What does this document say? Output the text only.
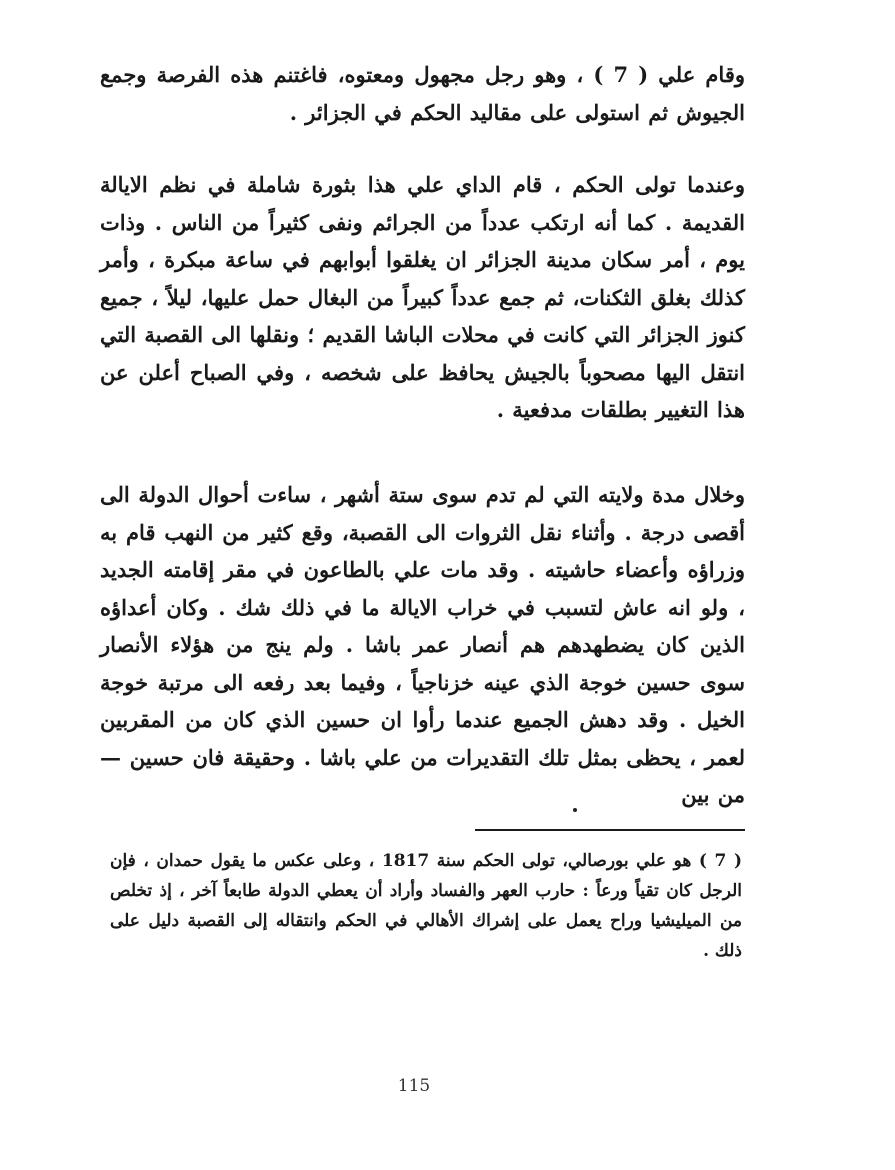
وقام علي ( 7 ) ، وهو رجل مجهول ومعتوه، فاغتنم هذه الفرصة وجمع الجيوش ثم استولى على مقاليد الحكم في الجزائر .

وعندما تولى الحكم ، قام الداي علي هذا بثورة شاملة في نظم الايالة القديمة . كما أنه ارتكب عدداً من الجرائم ونفى كثيراً من الناس . وذات يوم ، أمر سكان مدينة الجزائر ان يغلقوا أبوابهم في ساعة مبكرة ، وأمر كذلك بغلق الثكنات، ثم جمع عدداً كبيراً من البغال حمل عليها، ليلاً ، جميع كنوز الجزائر التي كانت في محلات الباشا القديم ؛ ونقلها الى القصبة التي انتقل اليها مصحوباً بالجيش يحافظ على شخصه ، وفي الصباح أعلن عن هذا التغيير بطلقات مدفعية .

وخلال مدة ولايته التي لم تدم سوى ستة أشهر ، ساءت أحوال الدولة الى أقصى درجة . وأثناء نقل الثروات الى القصبة، وقع كثير من النهب قام به وزراؤه وأعضاء حاشيته . وقد مات علي بالطاعون في مقر إقامته الجديد ، ولو انه عاش لتسبب في خراب الايالة ما في ذلك شك . وكان أعداؤه الذين كان يضطهدهم هم أنصار عمر باشا . ولم ينج من هؤلاء الأنصار سوى حسين خوجة الذي عينه خزناجياً ، وفيما بعد رفعه الى مرتبة خوجة الخيل . وقد دهش الجميع عندما رأوا ان حسين الذي كان من المقربين لعمر ، يحظى بمثل تلك التقديرات من علي باشا . وحقيقة فان حسين — من بين

( 7 ) هو علي بورصالي، تولى الحكم سنة 1817 ، وعلى عكس ما يقول حمدان ، فإن الرجل كان تقياً ورعاً : حارب العهر والفساد وأراد أن يعطي الدولة طابعاً آخر ، إذ تخلص من الميليشيا وراح يعمل على إشراك الأهالي في الحكم وانتقاله إلى القصبة دليل على ذلك .

115
